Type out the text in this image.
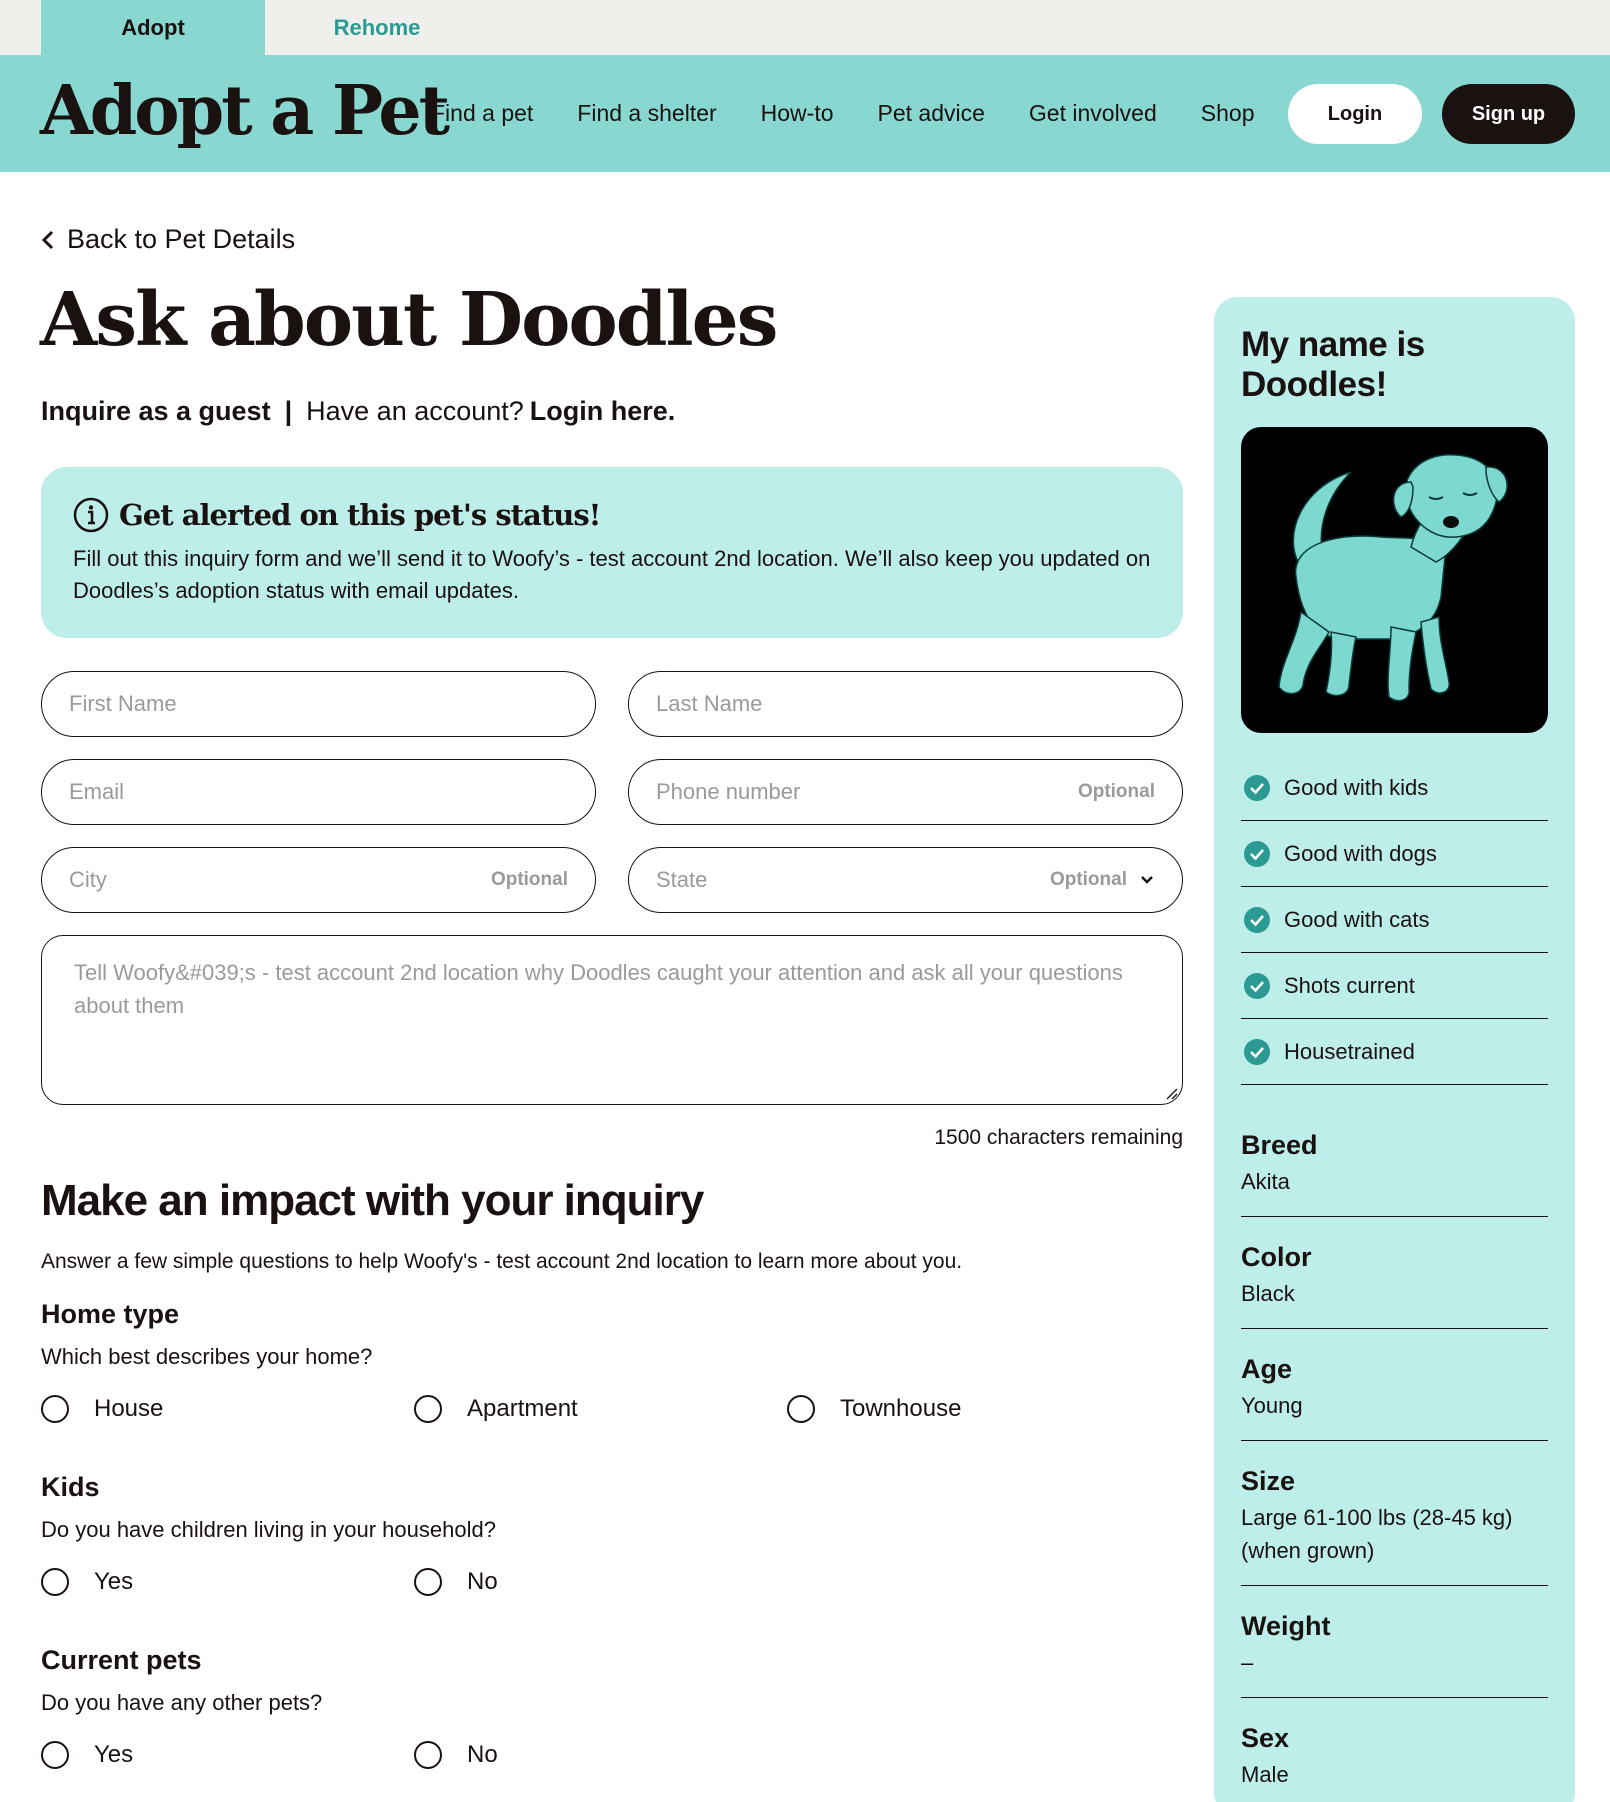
Adopt	Rehome
Adopt a Pet
Find a pet Find a shelter How-to Pet advice Get involved Shop	Login	Sign up
Back to Pet Details
Ask about Doodles
Inquire as a guest | Have an account? Login here.
Get alerted on this pet's status!
Fill out this inquiry form and we’ll send it to Woofy’s - test account 2nd location. We’ll also keep you updated on Doodles’s adoption status with email updates.
First Name	Last Name
Email	Phone number	Optional
City	Optional	State	Optional
Tell Woofy&#039;s - test account 2nd location why Doodles caught your attention and ask all your questions about them
1500 characters remaining
Make an impact with your inquiry

Answer a few simple questions to help Woofy's - test account 2nd location to learn more about you.

Home type
Which best describes your home?
House	Apartment	Townhouse
Kids
Do you have children living in your household?
Yes	No
Current pets
Do you have any other pets?
Yes	No
My name is Doodles!
Good with kids
Good with dogs
Good with cats
Shots current
Housetrained
Breed
Akita
Color
Black
Age
Young
Size
Large 61-100 lbs (28-45 kg) (when grown)
Weight
–
Sex
Male
